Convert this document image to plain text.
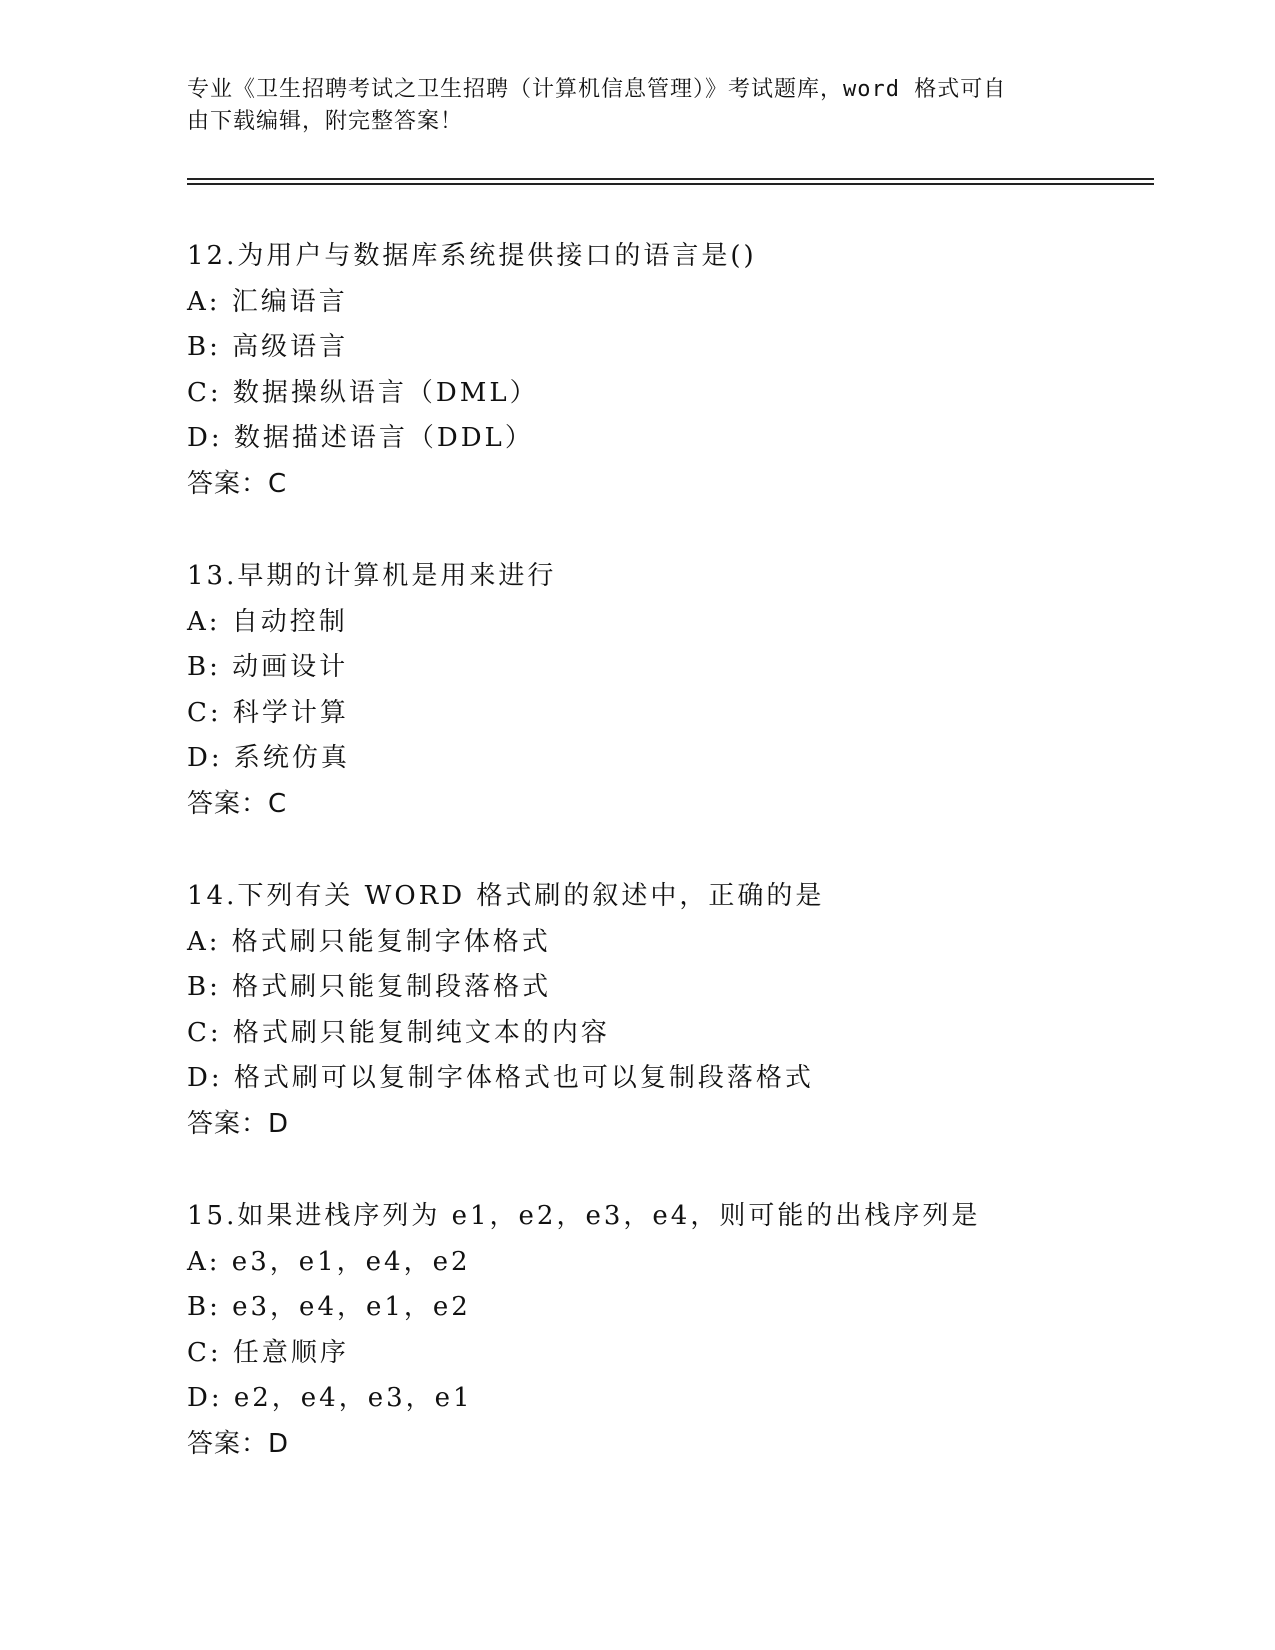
专业《卫生招聘考试之卫生招聘（计算机信息管理）》考试题库，word 格式可自
由下载编辑，附完整答案！
12.为用户与数据库系统提供接口的语言是()
A: 汇编语言
B: 高级语言
C: 数据操纵语言（DML）
D: 数据描述语言（DDL）
答案：C
13.早期的计算机是用来进行
A: 自动控制
B: 动画设计
C: 科学计算
D: 系统仿真
答案：C
14.下列有关 WORD 格式刷的叙述中，正确的是
A: 格式刷只能复制字体格式
B: 格式刷只能复制段落格式
C: 格式刷只能复制纯文本的内容
D: 格式刷可以复制字体格式也可以复制段落格式
答案：D
15.如果进栈序列为 e1，e2，e3，e4，则可能的出栈序列是
A: e3，e1，e4，e2
B: e3，e4，e1，e2
C: 任意顺序
D: e2，e4，e3，e1
答案：D
